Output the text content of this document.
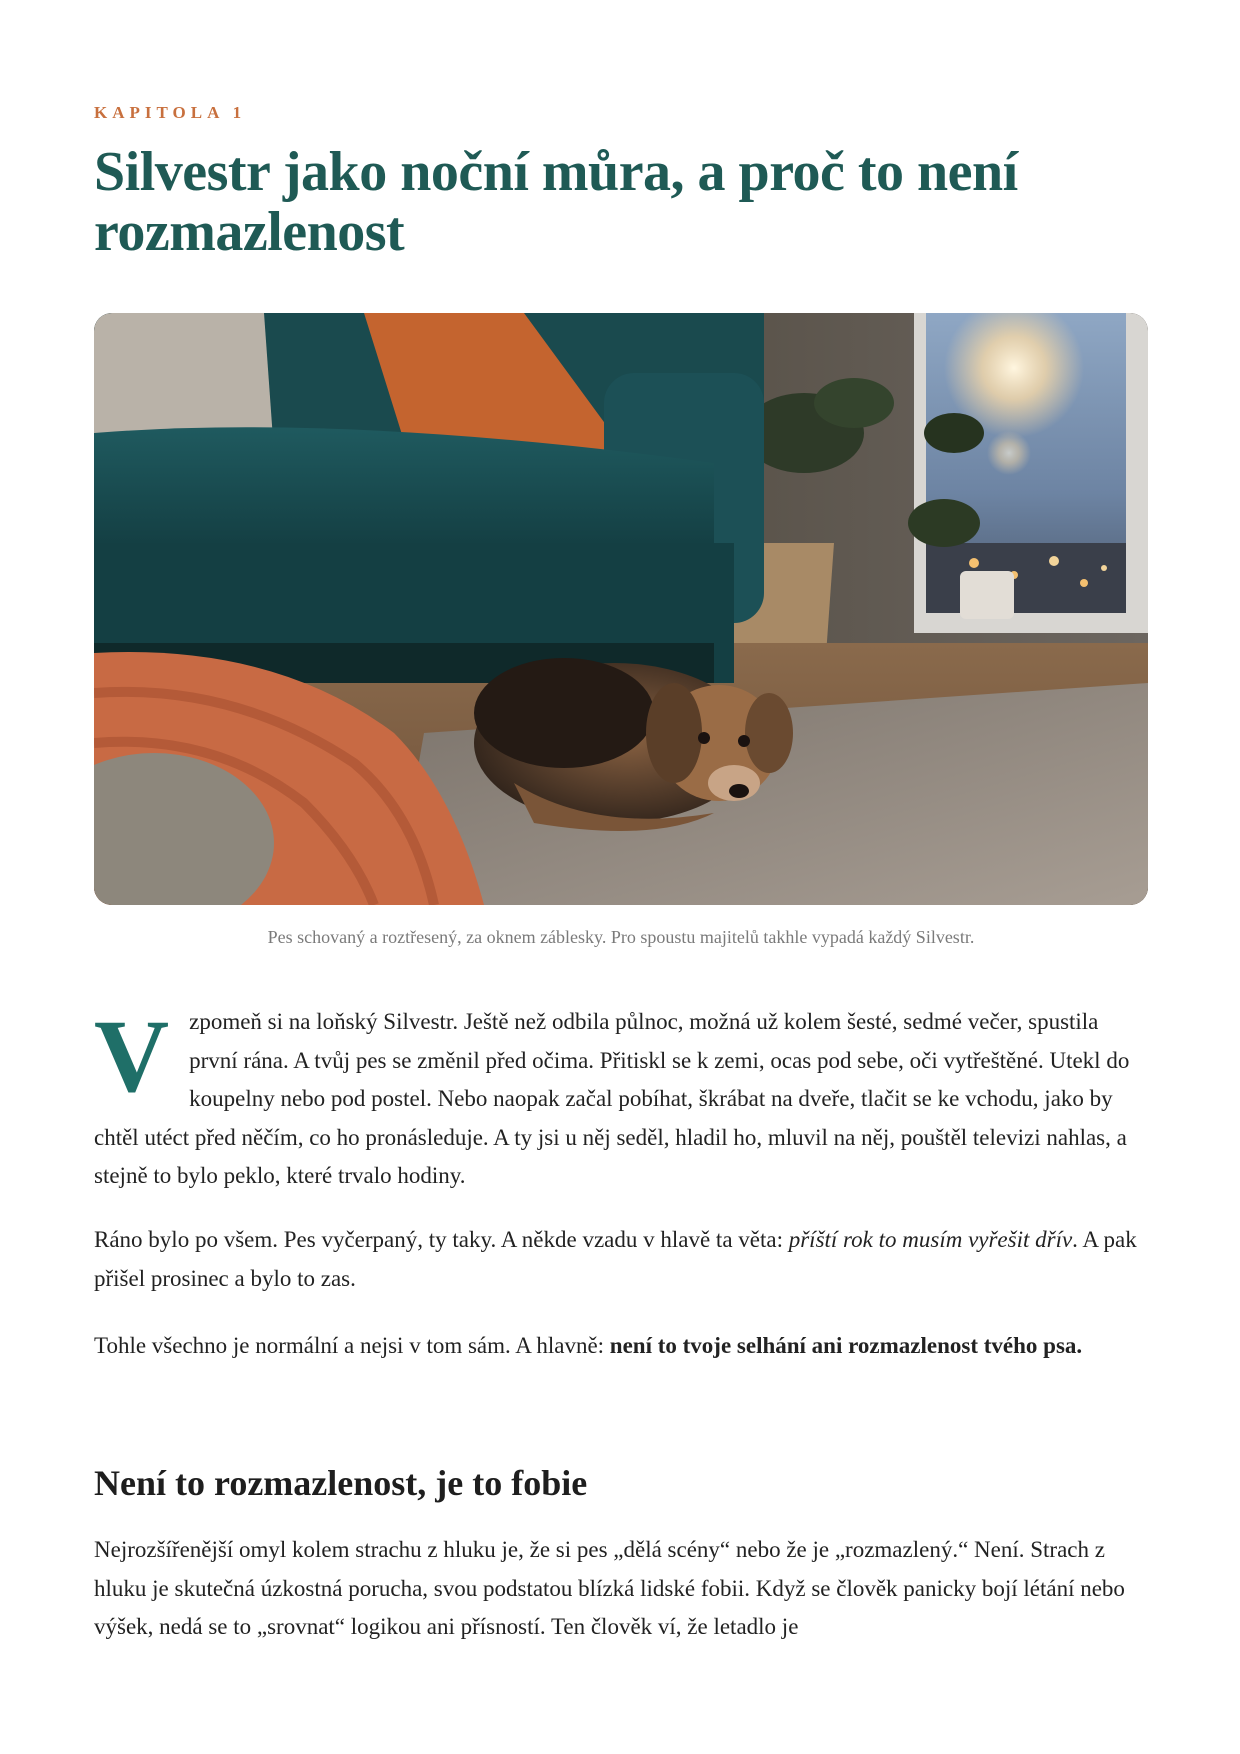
KAPITOLA 1
Silvestr jako noční můra, a proč to není rozmazlenost
Pes schovaný a roztřesený, za oknem záblesky. Pro spoustu majitelů takhle vypadá každý Silvestr.

Vzpomeň si na loňský Silvestr. Ještě než odbila půlnoc, možná už kolem šesté, sedmé večer, spustila první rána. A tvůj pes se změnil před očima. Přitiskl se k zemi, ocas pod sebe, oči vytřeštěné. Utekl do koupelny nebo pod postel. Nebo naopak začal pobíhat, škrábat na dveře, tlačit se ke vchodu, jako by chtěl utéct před něčím, co ho pronásleduje. A ty jsi u něj seděl, hladil ho, mluvil na něj, pouštěl televizi nahlas, a stejně to bylo peklo, které trvalo hodiny.

Ráno bylo po všem. Pes vyčerpaný, ty taky. A někde vzadu v hlavě ta věta: příští rok to musím vyřešit dřív. A pak přišel prosinec a bylo to zas.

Tohle všechno je normální a nejsi v tom sám. A hlavně: není to tvoje selhání ani rozmazlenost tvého psa.

Není to rozmazlenost, je to fobie

Nejrozšířenější omyl kolem strachu z hluku je, že si pes „dělá scény“ nebo že je „rozmazlený.“ Není. Strach z hluku je skutečná úzkostná porucha, svou podstatou blízká lidské fobii. Když se člověk panicky bojí létání nebo výšek, nedá se to „srovnat“ logikou ani přísností. Ten člověk ví, že letadlo je
